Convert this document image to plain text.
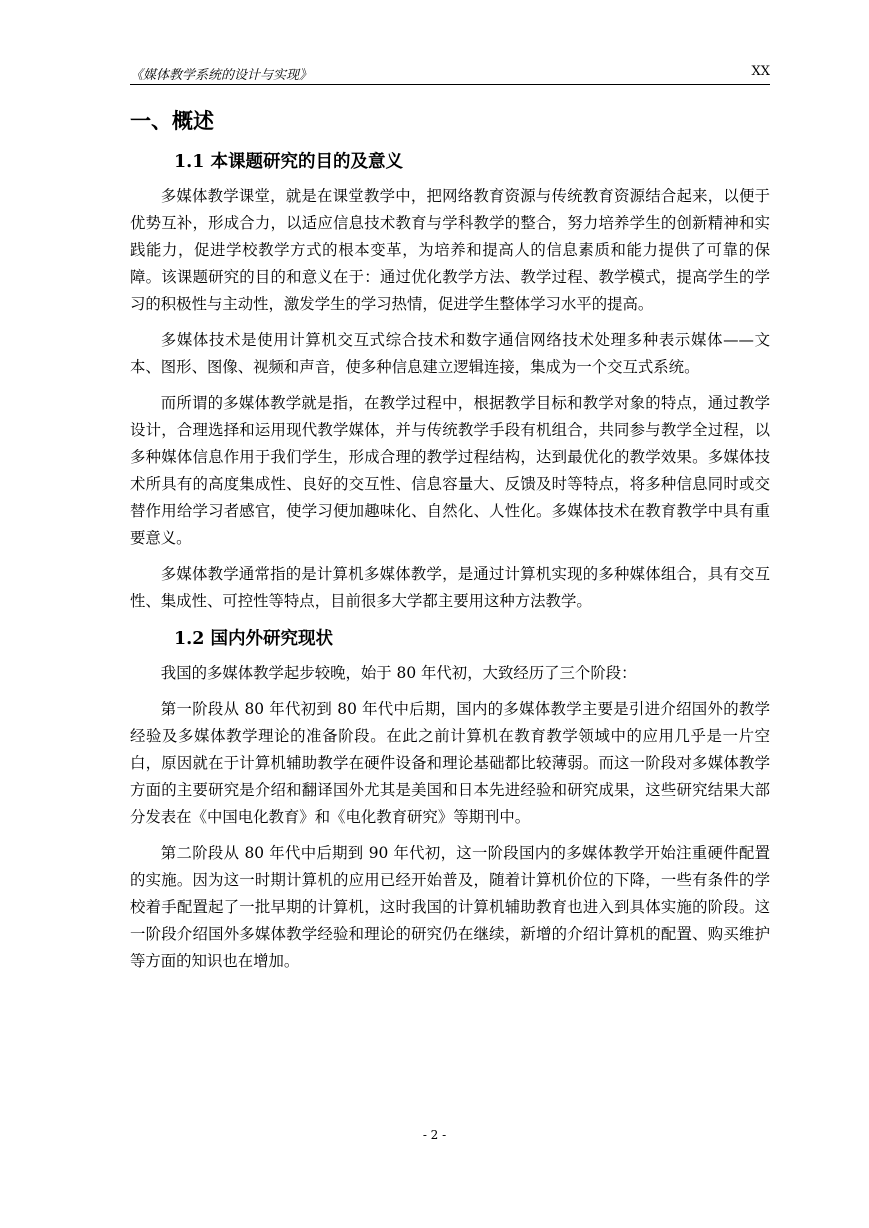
《媒体教学系统的设计与实现》	XX
一、概述
1.1 本课题研究的目的及意义

多媒体教学课堂，就是在课堂教学中，把网络教育资源与传统教育资源结合起来，以便于优势互补，形成合力，以适应信息技术教育与学科教学的整合，努力培养学生的创新精神和实践能力，促进学校教学方式的根本变革，为培养和提高人的信息素质和能力提供了可靠的保障。该课题研究的目的和意义在于：通过优化教学方法、教学过程、教学模式，提高学生的学习的积极性与主动性，激发学生的学习热情，促进学生整体学习水平的提高。

多媒体技术是使用计算机交互式综合技术和数字通信网络技术处理多种表示媒体——文本、图形、图像、视频和声音，使多种信息建立逻辑连接，集成为一个交互式系统。

而所谓的多媒体教学就是指，在教学过程中，根据教学目标和教学对象的特点，通过教学设计，合理选择和运用现代教学媒体，并与传统教学手段有机组合，共同参与教学全过程，以多种媒体信息作用于我们学生，形成合理的教学过程结构，达到最优化的教学效果。多媒体技术所具有的高度集成性、良好的交互性、信息容量大、反馈及时等特点，将多种信息同时或交替作用给学习者感官，使学习便加趣味化、自然化、人性化。多媒体技术在教育教学中具有重要意义。

多媒体教学通常指的是计算机多媒体教学，是通过计算机实现的多种媒体组合，具有交互性、集成性、可控性等特点，目前很多大学都主要用这种方法教学。

1.2 国内外研究现状

我国的多媒体教学起步较晚，始于 80 年代初，大致经历了三个阶段：

第一阶段从 80 年代初到 80 年代中后期，国内的多媒体教学主要是引进介绍国外的教学经验及多媒体教学理论的准备阶段。在此之前计算机在教育教学领域中的应用几乎是一片空白，原因就在于计算机辅助教学在硬件设备和理论基础都比较薄弱。而这一阶段对多媒体教学方面的主要研究是介绍和翻译国外尤其是美国和日本先进经验和研究成果，这些研究结果大部分发表在《中国电化教育》和《电化教育研究》等期刊中。

第二阶段从 80 年代中后期到 90 年代初，这一阶段国内的多媒体教学开始注重硬件配置的实施。因为这一时期计算机的应用已经开始普及，随着计算机价位的下降，一些有条件的学校着手配置起了一批早期的计算机，这时我国的计算机辅助教育也进入到具体实施的阶段。这一阶段介绍国外多媒体教学经验和理论的研究仍在继续，新增的介绍计算机的配置、购买维护等方面的知识也在增加。

- 2 -
